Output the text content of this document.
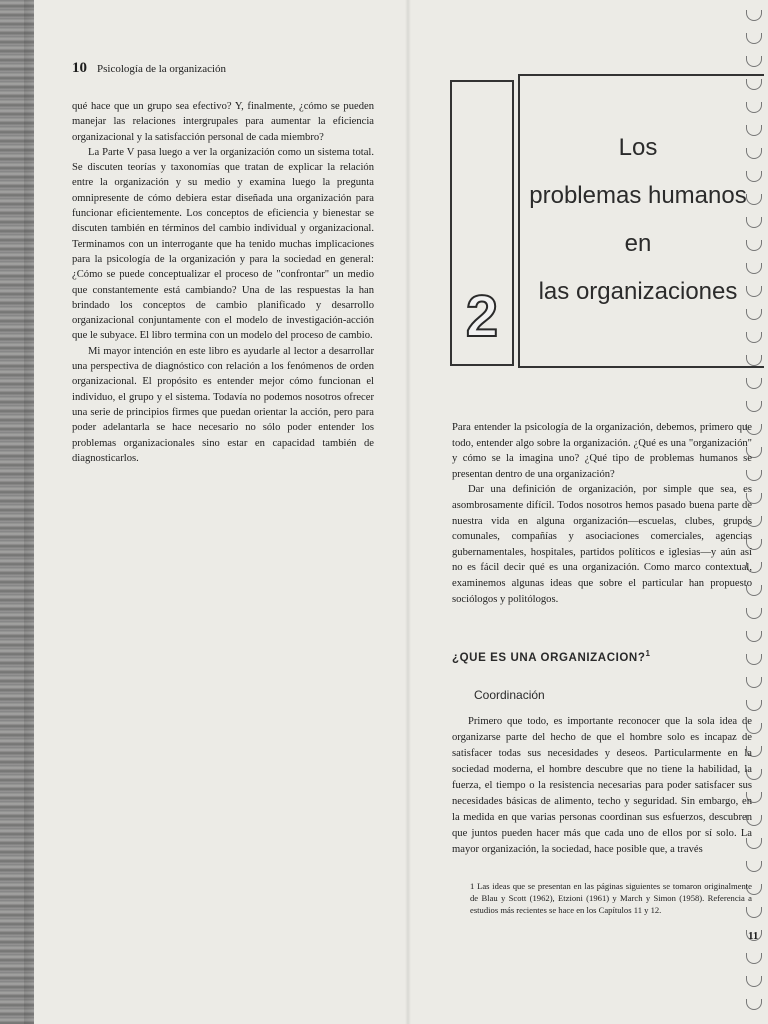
10 Psicología de la organización

qué hace que un grupo sea efectivo? Y, finalmente, ¿cómo se pueden manejar las relaciones intergrupales para aumentar la eficiencia organizacional y la satisfacción personal de cada miembro?

La Parte V pasa luego a ver la organización como un sistema total. Se discuten teorías y taxonomías que tratan de explicar la relación entre la organización y su medio y examina luego la pregunta omnipresente de cómo debiera estar diseñada una organización para funcionar eficientemente. Los conceptos de eficiencia y bienestar se discuten también en términos del cambio individual y organizacional. Terminamos con un interrogante que ha tenido muchas implicaciones para la psicología de la organización y para la sociedad en general: ¿Cómo se puede conceptualizar el proceso de "confrontar" un medio que constantemente está cambiando? Una de las respuestas la han brindado los conceptos de cambio planificado y desarrollo organizacional conjuntamente con el modelo de investigación-acción que le subyace. El libro termina con un modelo del proceso de cambio.

Mi mayor intención en este libro es ayudarle al lector a desarrollar una perspectiva de diagnóstico con relación a los fenómenos de orden organizacional. El propósito es entender mejor cómo funcionan el individuo, el grupo y el sistema. Todavía no podemos nosotros ofrecer una serie de principios firmes que puedan orientar la acción, pero para poder adelantarla se hace necesario no sólo poder entender los problemas organizacionales sino estar en capacidad también de diagnosticarlos.

2
Los
problemas humanos
en
las organizaciones

Para entender la psicología de la organización, debemos, primero que todo, entender algo sobre la organización. ¿Qué es una "organización" y cómo se la imagina uno? ¿Qué tipo de problemas humanos se presentan dentro de una organización?

Dar una definición de organización, por simple que sea, es asombrosamente difícil. Todos nosotros hemos pasado buena parte de nuestra vida en alguna organización—escuelas, clubes, grupos comunales, compañías y asociaciones comerciales, agencias gubernamentales, hospitales, partidos políticos e iglesias—y aún así no es fácil decir qué es una organización. Como marco contextual, examinemos algunas ideas que sobre el particular han propuesto sociólogos y politólogos.

¿QUE ES UNA ORGANIZACION?$^1$
Coordinación

Primero que todo, es importante reconocer que la sola idea de organizarse parte del hecho de que el hombre solo es incapaz de satisfacer todas sus necesidades y deseos. Particularmente en la sociedad moderna, el hombre descubre que no tiene la habilidad, la fuerza, el tiempo o la resistencia necesarias para poder satisfacer sus necesidades básicas de alimento, techo y seguridad. Sin embargo, en la medida en que varias personas coordinan sus esfuerzos, descubren que juntos pueden hacer más que cada uno de ellos por sí solo. La mayor organización, la sociedad, hace posible que, a través

1 Las ideas que se presentan en las páginas siguientes se tomaron originalmente de Blau y Scott (1962), Etzioni (1961) y March y Simon (1958). Referencia a estudios más recientes se hace en los Capítulos 11 y 12.
11
